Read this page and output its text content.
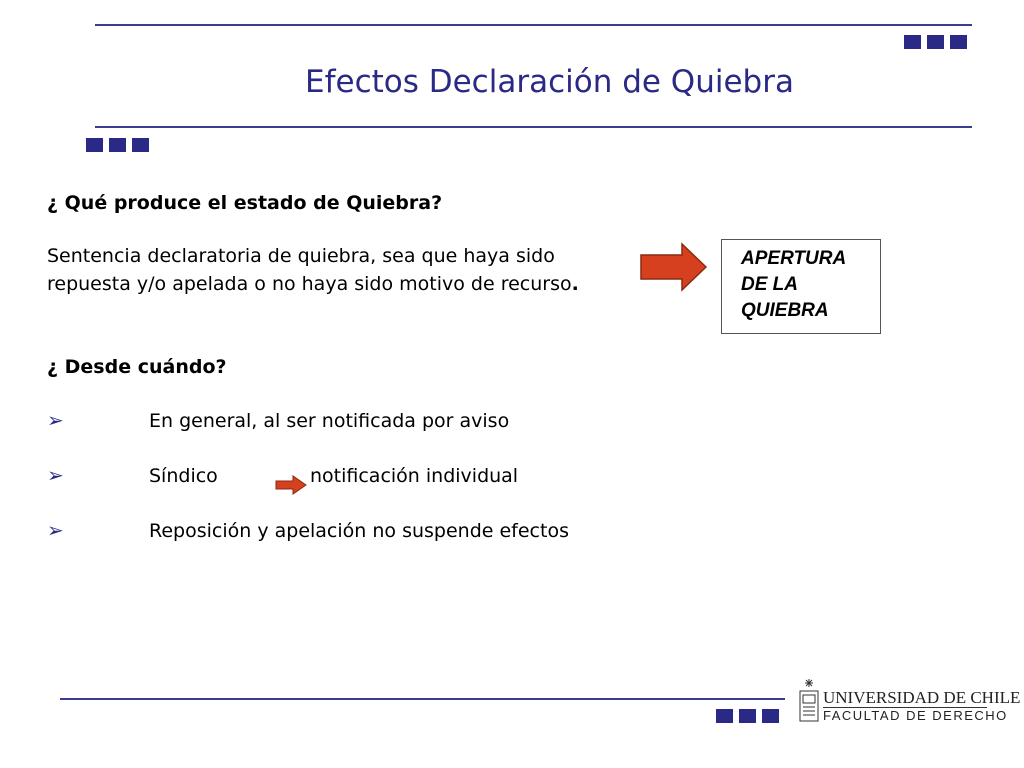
Efectos Declaración de Quiebra
¿ Qué produce el estado de Quiebra?
Sentencia declaratoria de quiebra, sea que haya sido
repuesta y/o apelada o no haya sido motivo de recurso.
APERTURA
DE LA
QUIEBRA
¿ Desde cuándo?
➢	En general, al ser notificada por aviso
➢	Síndico	notificación individual
➢	Reposición y apelación no suspende efectos
UNIVERSIDAD DE CHILE
FACULTAD DE DERECHO
